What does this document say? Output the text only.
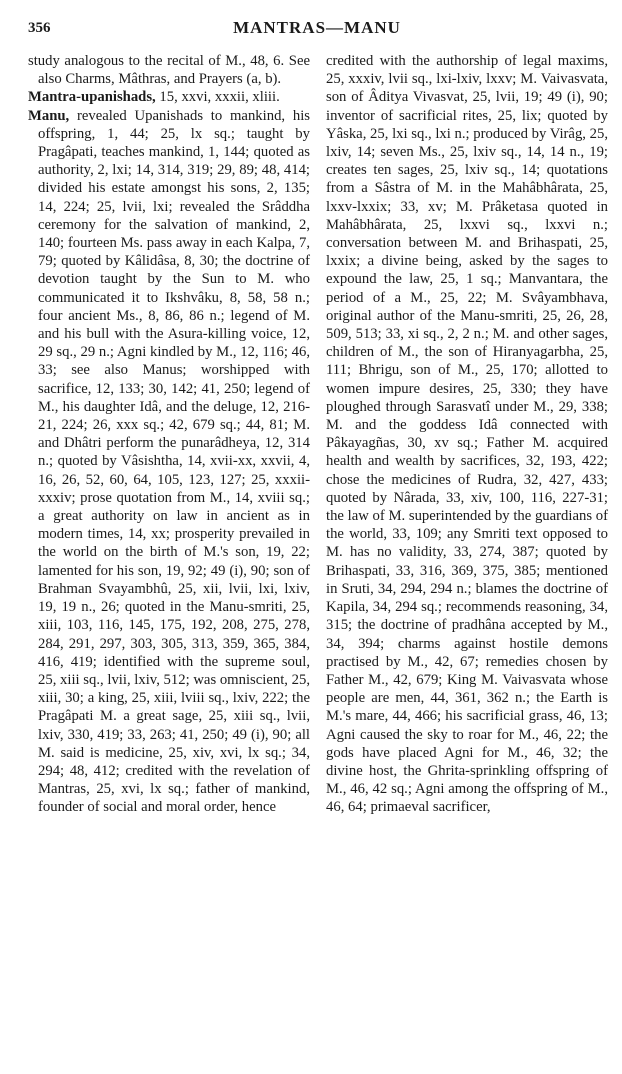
356	MANTRAS—MANU

study analogous to the recital of M., 48, 6. See also Charms, Mâthras, and Prayers (a, b).

Mantra-upanishads, 15, xxvi, xxxii, xliii.

Manu, revealed Upanishads to mankind, his offspring, 1, 44; 25, lx sq.; taught by Pragâpati, teaches mankind, 1, 144; quoted as authority, 2, lxi; 14, 314, 319; 29, 89; 48, 414; divided his estate amongst his sons, 2, 135; 14, 224; 25, lvii, lxi; revealed the Srâddha ceremony for the salvation of mankind, 2, 140; fourteen Ms. pass away in each Kalpa, 7, 79; quoted by Kâlidâsa, 8, 30; the doctrine of devotion taught by the Sun to M. who communicated it to Ikshvâku, 8, 58, 58 n.; four ancient Ms., 8, 86, 86 n.; legend of M. and his bull with the Asura-killing voice, 12, 29 sq., 29 n.; Agni kindled by M., 12, 116; 46, 33; see also Manus; worshipped with sacrifice, 12, 133; 30, 142; 41, 250; legend of M., his daughter Idâ, and the deluge, 12, 216-21, 224; 26, xxx sq.; 42, 679 sq.; 44, 81; M. and Dhâtri perform the punarâdheya, 12, 314 n.; quoted by Vâsishtha, 14, xvii-xx, xxvii, 4, 16, 26, 52, 60, 64, 105, 123, 127; 25, xxxii-xxxiv; prose quotation from M., 14, xviii sq.; a great authority on law in ancient as in modern times, 14, xx; prosperity prevailed in the world on the birth of M.'s son, 19, 22; lamented for his son, 19, 92; 49 (i), 90; son of Brahman Svayambhû, 25, xii, lvii, lxi, lxiv, 19, 19 n., 26; quoted in the Manu-smriti, 25, xiii, 103, 116, 145, 175, 192, 208, 275, 278, 284, 291, 297, 303, 305, 313, 359, 365, 384, 416, 419; identified with the supreme soul, 25, xiii sq., lvii, lxiv, 512; was omniscient, 25, xiii, 30; a king, 25, xiii, lviii sq., lxiv, 222; the Pragâpati M. a great sage, 25, xiii sq., lvii, lxiv, 330, 419; 33, 263; 41, 250; 49 (i), 90; all M. said is medicine, 25, xiv, xvi, lx sq.; 34, 294; 48, 412; credited with the revelation of Mantras, 25, xvi, lx sq.; father of mankind, founder of social and moral order, hence

credited with the authorship of legal maxims, 25, xxxiv, lvii sq., lxi-lxiv, lxxv; M. Vaivasvata, son of Âditya Vivasvat, 25, lvii, 19; 49 (i), 90; inventor of sacrificial rites, 25, lix; quoted by Yâska, 25, lxi sq., lxi n.; produced by Virâg, 25, lxiv, 14; seven Ms., 25, lxiv sq., 14, 14 n., 19; creates ten sages, 25, lxiv sq., 14; quotations from a Sâstra of M. in the Mahâbhârata, 25, lxxv-lxxix; 33, xv; M. Prâketasa quoted in Mahâbhârata, 25, lxxvi sq., lxxvi n.; conversation between M. and Brihaspati, 25, lxxix; a divine being, asked by the sages to expound the law, 25, 1 sq.; Manvantara, the period of a M., 25, 22; M. Svâyambhava, original author of the Manu-smriti, 25, 26, 28, 509, 513; 33, xi sq., 2, 2 n.; M. and other sages, children of M., the son of Hiranyagarbha, 25, 111; Bhrigu, son of M., 25, 170; allotted to women impure desires, 25, 330; they have ploughed through Sarasvatî under M., 29, 338; M. and the goddess Idâ connected with Pâkayagñas, 30, xv sq.; Father M. acquired health and wealth by sacrifices, 32, 193, 422; chose the medicines of Rudra, 32, 427, 433; quoted by Nârada, 33, xiv, 100, 116, 227-31; the law of M. superintended by the guardians of the world, 33, 109; any Smriti text opposed to M. has no validity, 33, 274, 387; quoted by Brihaspati, 33, 316, 369, 375, 385; mentioned in Sruti, 34, 294, 294 n.; blames the doctrine of Kapila, 34, 294 sq.; recommends reasoning, 34, 315; the doctrine of pradhâna accepted by M., 34, 394; charms against hostile demons practised by M., 42, 67; remedies chosen by Father M., 42, 679; King M. Vaivasvata whose people are men, 44, 361, 362 n.; the Earth is M.'s mare, 44, 466; his sacrificial grass, 46, 13; Agni caused the sky to roar for M., 46, 22; the gods have placed Agni for M., 46, 32; the divine host, the Ghrita-sprinkling offspring of M., 46, 42 sq.; Agni among the offspring of M., 46, 64; primaeval sacrificer,
